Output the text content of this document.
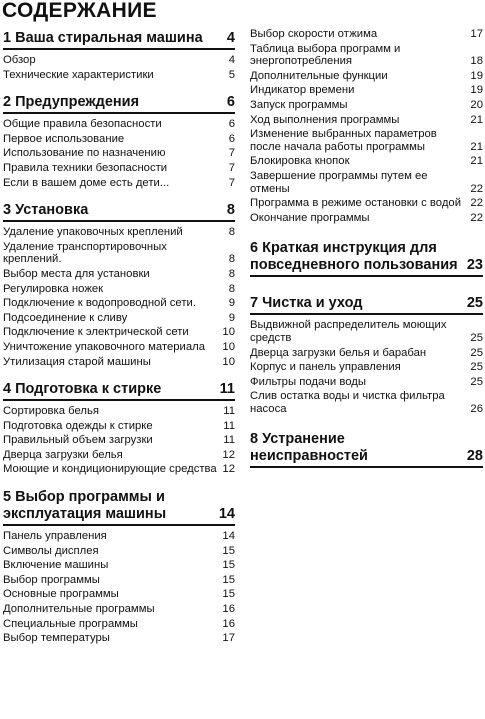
СОДЕРЖАНИЕ
1 Ваша стиральная машина	4
Обзор	4
Технические характеристики	5
2 Предупреждения	6
Общие правила безопасности	6
Первое использование	6
Использование по назначению	7
Правила техники безопасности	7
Если в вашем доме есть дети...	7
3 Установка	8
Удаление упаковочных креплений	8
Удаление транспортировочных креплений.	8
Выбор места для установки	8
Регулировка ножек	8
Подключение к водопроводной сети.	9
Подсоединение к сливу	9
Подключение к электрической сети	10
Уничтожение упаковочного материала	10
Утилизация старой машины	10
4 Подготовка к стирке	11
Сортировка белья	11
Подготовка одежды к стирке	11
Правильный объем загрузки	11
Дверца загрузки белья	12
Моющие и кондиционирующие средства 12
5 Выбор программы и эксплуатация машины	14
Панель управления	14
Символы дисплея	15
Включение машины	15
Выбор программы	15
Основные программы	15
Дополнительные программы	16
Специальные программы	16
Выбор температуры	17
Выбор скорости отжима	17
Таблица выбора программ и энергопотребления	18
Дополнительные функции	19
Индикатор времени	19
Запуск программы	20
Ход выполнения программы	21
Изменение выбранных параметров после начала работы программы	21
Блокировка кнопок	21
Завершение программы путем ее отмены	22
Программа в режиме остановки с водой 22
Окончание программы	22
6 Краткая инструкция для повседневного пользования 23
7 Чистка и уход	25
Выдвижной распределитель моющих средств	25
Дверца загрузки белья и барабан	25
Корпус и панель управления	25
Фильтры подачи воды	25
Слив остатка воды и чистка фильтра насоса	26
8 Устранение неисправностей	28
